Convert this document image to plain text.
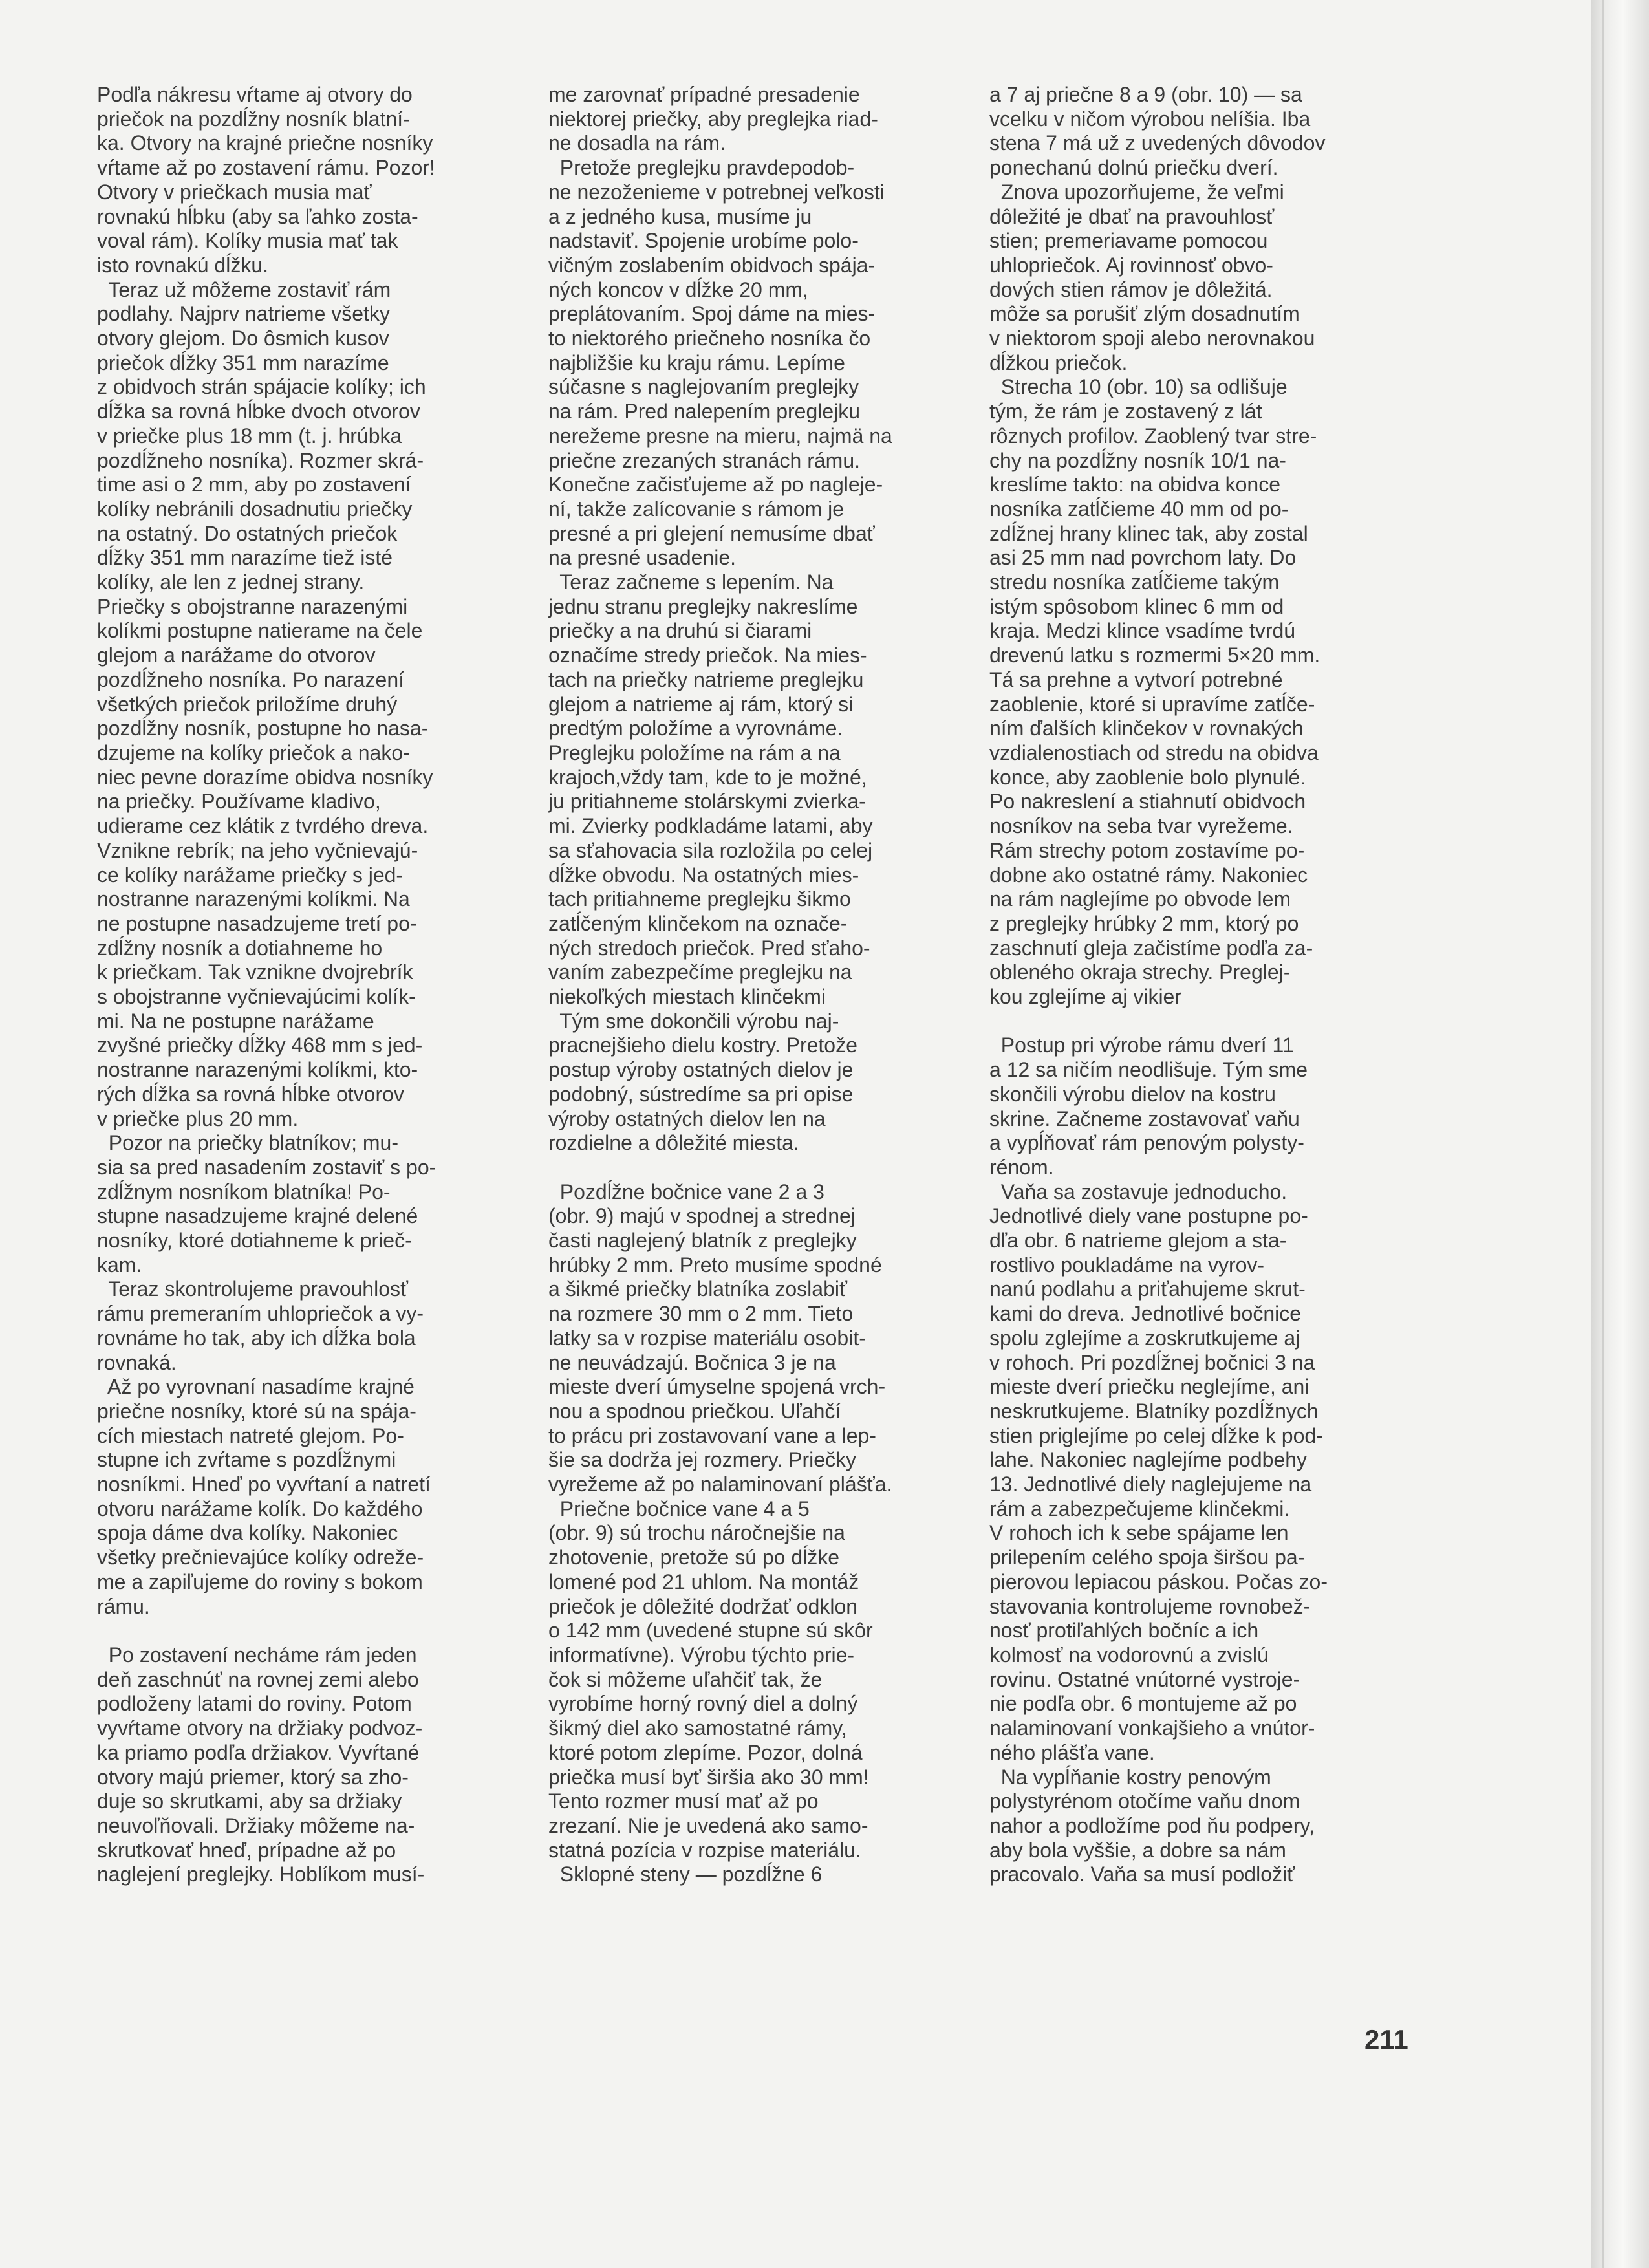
Podľa nákresu vŕtame aj otvory do

priečok na pozdĺžny nosník blatní-

ka. Otvory na krajné priečne nosníky

vŕtame až po zostavení rámu. Pozor!

Otvory v priečkach musia mať

rovnakú hĺbku (aby sa ľahko zosta-

voval rám). Kolíky musia mať tak

isto rovnakú dĺžku.

Teraz už môžeme zostaviť rám

podlahy. Najprv natrieme všetky

otvory glejom. Do ôsmich kusov

priečok dĺžky 351 mm narazíme

z obidvoch strán spájacie kolíky; ich

dĺžka sa rovná hĺbke dvoch otvorov

v priečke plus 18 mm (t. j. hrúbka

pozdĺžneho nosníka). Rozmer skrá-

time asi o 2 mm, aby po zostavení

kolíky nebránili dosadnutiu priečky

na ostatný. Do ostatných priečok

dĺžky 351 mm narazíme tiež isté

kolíky, ale len z jednej strany.

Priečky s obojstranne narazenými

kolíkmi postupne natierame na čele

glejom a narážame do otvorov

pozdĺžneho nosníka. Po narazení

všetkých priečok priložíme druhý

pozdĺžny nosník, postupne ho nasa-

dzujeme na kolíky priečok a nako-

niec pevne dorazíme obidva nosníky

na priečky. Používame kladivo,

udierame cez klátik z tvrdého dreva.

Vznikne rebrík; na jeho vyčnievajú-

ce kolíky narážame priečky s jed-

nostranne narazenými kolíkmi. Na

ne postupne nasadzujeme tretí po-

zdĺžny nosník a dotiahneme ho

k priečkam. Tak vznikne dvojrebrík

s obojstranne vyčnievajúcimi kolík-

mi. Na ne postupne narážame

zvyšné priečky dĺžky 468 mm s jed-

nostranne narazenými kolíkmi, kto-

rých dĺžka sa rovná hĺbke otvorov

v priečke plus 20 mm.

Pozor na priečky blatníkov; mu-

sia sa pred nasadením zostaviť s po-

zdĺžnym nosníkom blatníka! Po-

stupne nasadzujeme krajné delené

nosníky, ktoré dotiahneme k prieč-

kam.

Teraz skontrolujeme pravouhlosť

rámu premeraním uhlopriečok a vy-

rovnáme ho tak, aby ich dĺžka bola

rovnaká.

Až po vyrovnaní nasadíme krajné

priečne nosníky, ktoré sú na spája-

cích miestach natreté glejom. Po-

stupne ich zvŕtame s pozdĺžnymi

nosníkmi. Hneď po vyvŕtaní a natretí

otvoru narážame kolík. Do každého

spoja dáme dva kolíky. Nakoniec

všetky prečnievajúce kolíky odreže-

me a zapiľujeme do roviny s bokom

rámu.

Po zostavení necháme rám jeden

deň zaschnúť na rovnej zemi alebo

podloženy latami do roviny. Potom

vyvŕtame otvory na držiaky podvoz-

ka priamo podľa držiakov. Vyvŕtané

otvory majú priemer, ktorý sa zho-

duje so skrutkami, aby sa držiaky

neuvoľňovali. Držiaky môžeme na-

skrutkovať hneď, prípadne až po

naglejení preglejky. Hoblíkom musí-

me zarovnať prípadné presadenie

niektorej priečky, aby preglejka riad-

ne dosadla na rám.

Pretože preglejku pravdepodob-

ne nezoženieme v potrebnej veľkosti

a z jedného kusa, musíme ju

nadstaviť. Spojenie urobíme polo-

vičným zoslabením obidvoch spája-

ných koncov v dĺžke 20 mm,

preplátovaním. Spoj dáme na mies-

to niektorého priečneho nosníka čo

najbližšie ku kraju rámu. Lepíme

súčasne s naglejovaním preglejky

na rám. Pred nalepením preglejku

nerežeme presne na mieru, najmä na

priečne zrezaných stranách rámu.

Konečne začisťujeme až po nagleje-

ní, takže zalícovanie s rámom je

presné a pri glejení nemusíme dbať

na presné usadenie.

Teraz začneme s lepením. Na

jednu stranu preglejky nakreslíme

priečky a na druhú si čiarami

označíme stredy priečok. Na mies-

tach na priečky natrieme preglejku

glejom a natrieme aj rám, ktorý si

predtým položíme a vyrovnáme.

Preglejku položíme na rám a na

krajoch,vždy tam, kde to je možné,

ju pritiahneme stolárskymi zvierka-

mi. Zvierky podkladáme latami, aby

sa sťahovacia sila rozložila po celej

dĺžke obvodu. Na ostatných mies-

tach pritiahneme preglejku šikmo

zatĺčeným klinčekom na označe-

ných stredoch priečok. Pred sťaho-

vaním zabezpečíme preglejku na

niekoľkých miestach klinčekmi

Tým sme dokončili výrobu naj-

pracnejšieho dielu kostry. Pretože

postup výroby ostatných dielov je

podobný, sústredíme sa pri opise

výroby ostatných dielov len na

rozdielne a dôležité miesta.

Pozdĺžne bočnice vane 2 a 3

(obr. 9) majú v spodnej a strednej

časti naglejený blatník z preglejky

hrúbky 2 mm. Preto musíme spodné

a šikmé priečky blatníka zoslabiť

na rozmere 30 mm o 2 mm. Tieto

latky sa v rozpise materiálu osobit-

ne neuvádzajú. Bočnica 3 je na

mieste dverí úmyselne spojená vrch-

nou a spodnou priečkou. Uľahčí

to prácu pri zostavovaní vane a lep-

šie sa dodrža jej rozmery. Priečky

vyrežeme až po nalaminovaní plášťa.

Priečne bočnice vane 4 a 5

(obr. 9) sú trochu náročnejšie na

zhotovenie, pretože sú po dĺžke

lomené pod 21 uhlom. Na montáž

priečok je dôležité dodržať odklon

o 142 mm (uvedené stupne sú skôr

informatívne). Výrobu týchto prie-

čok si môžeme uľahčiť tak, že

vyrobíme horný rovný diel a dolný

šikmý diel ako samostatné rámy,

ktoré potom zlepíme. Pozor, dolná

priečka musí byť širšia ako 30 mm!

Tento rozmer musí mať až po

zrezaní. Nie je uvedená ako samo-

statná pozícia v rozpise materiálu.

Sklopné steny — pozdĺžne 6

a 7 aj priečne 8 a 9 (obr. 10) — sa

vcelku v ničom výrobou nelíšia. Iba

stena 7 má už z uvedených dôvodov

ponechanú dolnú priečku dverí.

Znova upozorňujeme, že veľmi

dôležité je dbať na pravouhlosť

stien; premeriavame pomocou

uhlopriečok. Aj rovinnosť obvo-

dových stien rámov je dôležitá.

môže sa porušiť zlým dosadnutím

v niektorom spoji alebo nerovnakou

dĺžkou priečok.

Strecha 10 (obr. 10) sa odlišuje

tým, že rám je zostavený z lát

rôznych profilov. Zaoblený tvar stre-

chy na pozdĺžny nosník 10/1 na-

kreslíme takto: na obidva konce

nosníka zatĺčieme 40 mm od po-

zdĺžnej hrany klinec tak, aby zostal

asi 25 mm nad povrchom laty. Do

stredu nosníka zatĺčieme takým

istým spôsobom klinec 6 mm od

kraja. Medzi klince vsadíme tvrdú

drevenú latku s rozmermi 5×20 mm.

Tá sa prehne a vytvorí potrebné

zaoblenie, ktoré si upravíme zatĺče-

ním ďalších klinčekov v rovnakých

vzdialenostiach od stredu na obidva

konce, aby zaoblenie bolo plynulé.

Po nakreslení a stiahnutí obidvoch

nosníkov na seba tvar vyrežeme.

Rám strechy potom zostavíme po-

dobne ako ostatné rámy. Nakoniec

na rám naglejíme po obvode lem

z preglejky hrúbky 2 mm, ktorý po

zaschnutí gleja začistíme podľa za-

obleného okraja strechy. Preglej-

kou zglejíme aj vikier

Postup pri výrobe rámu dverí 11

a 12 sa ničím neodlišuje. Tým sme

skončili výrobu dielov na kostru

skrine. Začneme zostavovať vaňu

a vypĺňovať rám penovým polysty-

rénom.

Vaňa sa zostavuje jednoducho.

Jednotlivé diely vane postupne po-

dľa obr. 6 natrieme glejom a sta-

rostlivo poukladáme na vyrov-

nanú podlahu a priťahujeme skrut-

kami do dreva. Jednotlivé bočnice

spolu zglejíme a zoskrutkujeme aj

v rohoch. Pri pozdĺžnej bočnici 3 na

mieste dverí priečku neglejíme, ani

neskrutkujeme. Blatníky pozdĺžnych

stien priglejíme po celej dĺžke k pod-

lahe. Nakoniec naglejíme podbehy

13. Jednotlivé diely naglejujeme na

rám a zabezpečujeme klinčekmi.

V rohoch ich k sebe spájame len

prilepením celého spoja širšou pa-

pierovou lepiacou páskou. Počas zo-

stavovania kontrolujeme rovnobež-

nosť protiľahlých bočníc a ich

kolmosť na vodorovnú a zvislú

rovinu. Ostatné vnútorné vystroje-

nie podľa obr. 6 montujeme až po

nalaminovaní vonkajšieho a vnútor-

ného plášťa vane.

Na vypĺňanie kostry penovým

polystyrénom otočíme vaňu dnom

nahor a podložíme pod ňu podpery,

aby bola vyššie, a dobre sa nám

pracovalo. Vaňa sa musí podložiť

211
